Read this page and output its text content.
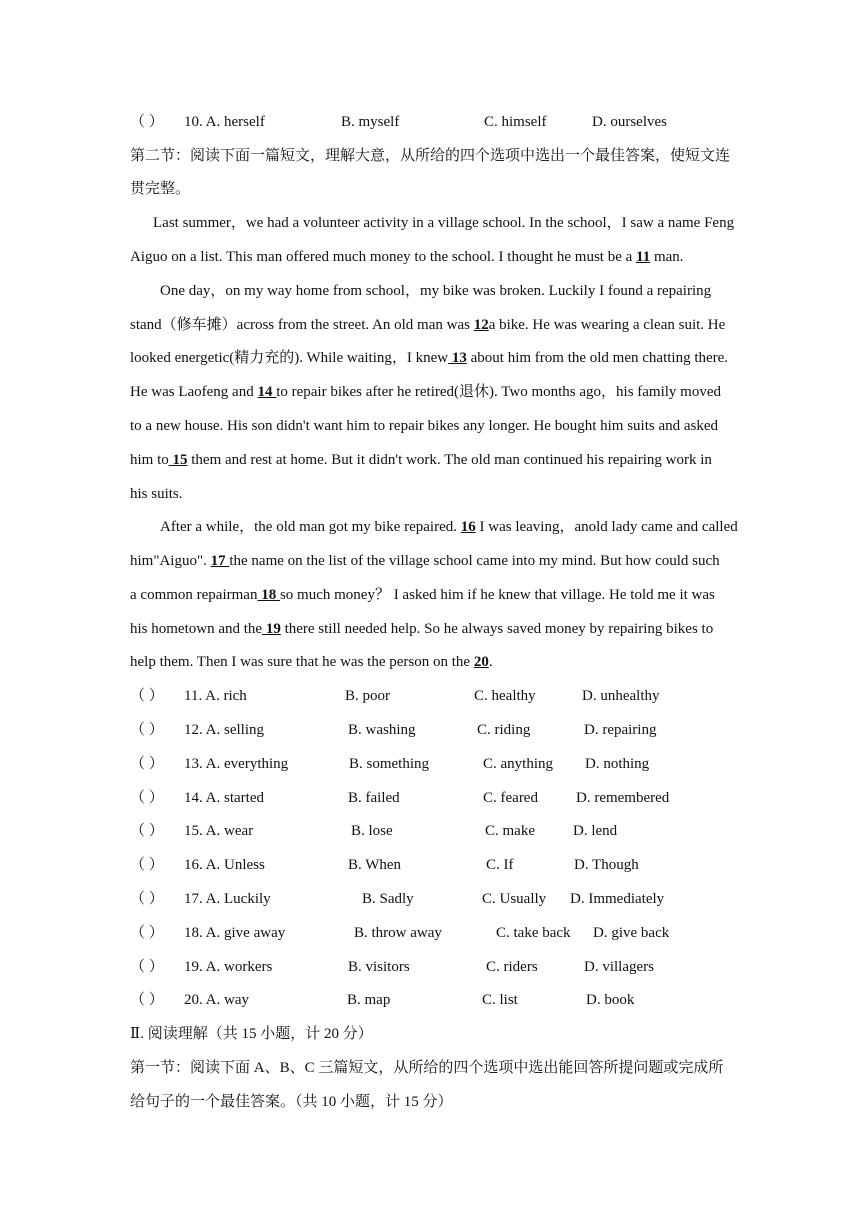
（ ） 10. A. herself	B. myself	C. himself	D. ourselves
第二节：阅读下面一篇短文，理解大意，从所给的四个选项中选出一个最佳答案，使短文连
贯完整。
Last summer，we had a volunteer activity in a village school. In the school，I saw a name Feng
Aiguo on a list. This man offered much money to the school. I thought he must be a 11 man.
One day，on my way home from school，my bike was broken. Luckily I found a repairing
stand（修车摊）across from the street. An old man was 12a bike. He was wearing a clean suit. He
looked energetic(精力充的). While waiting，I knew 13 about him from the old men chatting there.
He was Laofeng and 14 to repair bikes after he retired(退休). Two months ago，his family moved
to a new house. His son didn't want him to repair bikes any longer. He bought him suits and asked
him to 15 them and rest at home. But it didn't work. The old man continued his repairing work in
his suits.
After a while，the old man got my bike repaired. 16 I was leaving，anold lady came and called
him"Aiguo". 17 the name on the list of the village school came into my mind. But how could such
a common repairman 18 so much money？ I asked him if he knew that village. He told me it was
his hometown and the 19 there still needed help. So he always saved money by repairing bikes to
help them. Then I was sure that he was the person on the 20.
（ ） 11. A. rich	B. poor	C. healthy	D. unhealthy
（ ） 12. A. selling	B. washing	C. riding	D. repairing
（ ） 13. A. everything	B. something	C. anything D. nothing
（ ） 14. A. started	B. failed	C. feared	D. remembered
（ ） 15. A. wear	B. lose	C. make	D. lend
（ ） 16. A. Unless	B. When	C. If	D. Though
（ ） 17. A. Luckily	B. Sadly	C. Usually D. Immediately
（ ） 18. A. give away	B. throw away	C. take back D. give back
（ ） 19. A. workers	B. visitors	C. riders	D. villagers
（ ） 20. A. way	B. map	C. list	D. book
Ⅱ. 阅读理解（共 15 小题，计 20 分）
第一节：阅读下面 A、B、C 三篇短文，从所给的四个选项中选出能回答所提问题或完成所
给句子的一个最佳答案。（共 10 小题，计 15 分）
